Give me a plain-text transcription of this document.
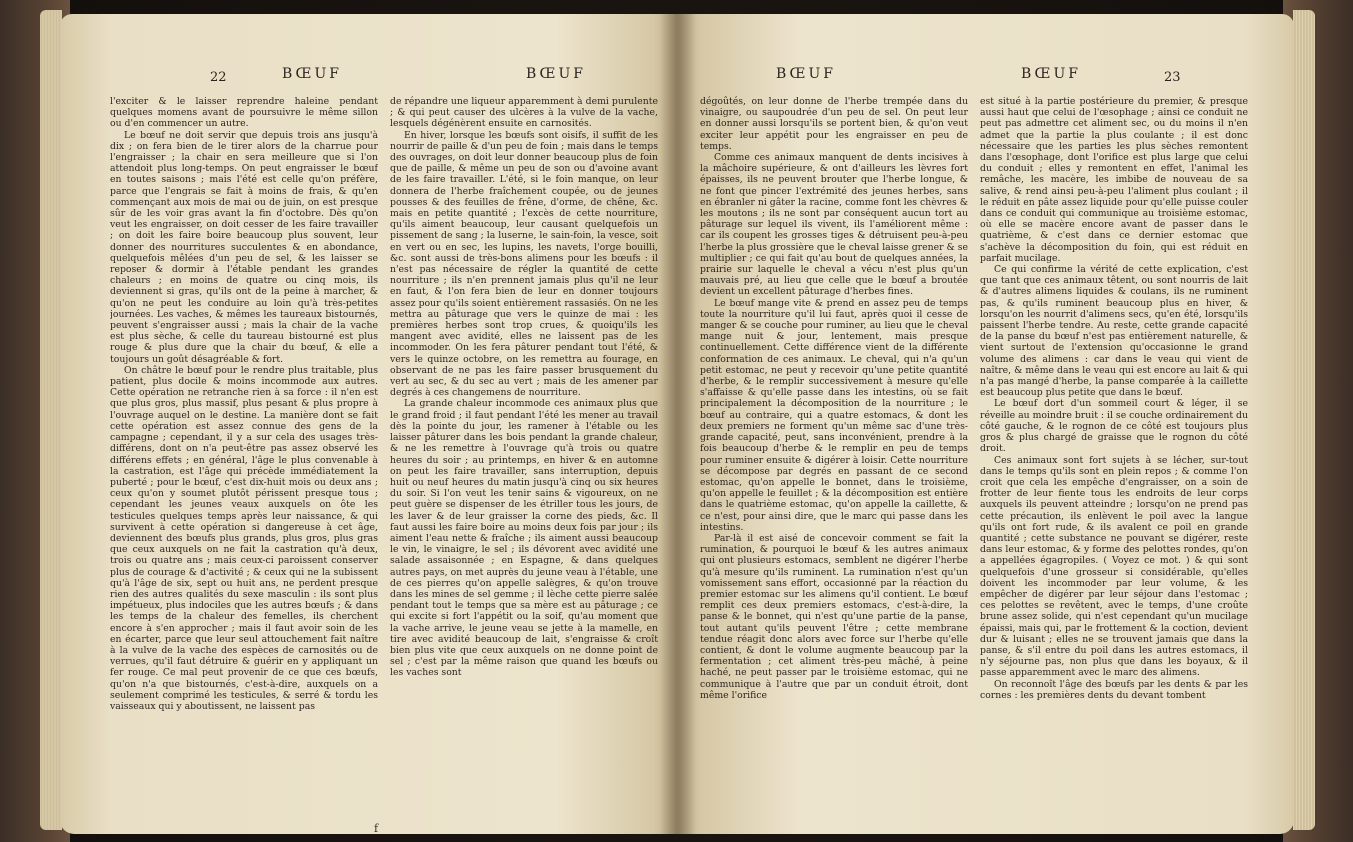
22	BŒUF	BŒUF

l'exciter & le laisser reprendre haleine pendant quelques momens avant de poursuivre le même sillon ou d'en commencer un autre.

Le bœuf ne doit servir que depuis trois ans jusqu'à dix ; on fera bien de le tirer alors de la charrue pour l'engraisser ; la chair en sera meilleure que si l'on attendoit plus long-temps. On peut engraisser le bœuf en toutes saisons ; mais l'été est celle qu'on préfère, parce que l'engrais se fait à moins de frais, & qu'en commençant aux mois de mai ou de juin, on est presque sûr de les voir gras avant la fin d'octobre. Dès qu'on veut les engraisser, on doit cesser de les faire travailler ; on doit les faire boire beaucoup plus souvent, leur donner des nourritures succulentes & en abondance, quelquefois mêlées d'un peu de sel, & les laisser se reposer & dormir à l'étable pendant les grandes chaleurs ; en moins de quatre ou cinq mois, ils deviennent si gras, qu'ils ont de la peine à marcher, & qu'on ne peut les conduire au loin qu'à très-petites journées. Les vaches, & mêmes les taureaux bistournés, peuvent s'engraisser aussi ; mais la chair de la vache est plus sèche, & celle du taureau bistourné est plus rouge & plus dure que la chair du bœuf, & elle a toujours un goût désagréable & fort.

On châtre le bœuf pour le rendre plus traitable, plus patient, plus docile & moins incommode aux autres. Cette opération ne retranche rien à sa force : il n'en est que plus gros, plus massif, plus pesant & plus propre à l'ouvrage auquel on le destine. La manière dont se fait cette opération est assez connue des gens de la campagne ; cependant, il y a sur cela des usages très-différens, dont on n'a peut-être pas assez observé les différens effets ; en général, l'âge le plus convenable à la castration, est l'âge qui précède immédiatement la puberté ; pour le bœuf, c'est dix-huit mois ou deux ans ; ceux qu'on y soumet plutôt périssent presque tous ; cependant les jeunes veaux auxquels on ôte les testicules quelques temps après leur naissance, & qui survivent à cette opération si dangereuse à cet âge, deviennent des bœufs plus grands, plus gros, plus gras que ceux auxquels on ne fait la castration qu'à deux, trois ou quatre ans ; mais ceux-ci paroissent conserver plus de courage & d'activité ; & ceux qui ne la subissent qu'à l'âge de six, sept ou huit ans, ne perdent presque rien des autres qualités du sexe masculin : ils sont plus impétueux, plus indociles que les autres bœufs ; & dans les temps de la chaleur des femelles, ils cherchent encore à s'en approcher ; mais il faut avoir soin de les en écarter, parce que leur seul attouchement fait naître à la vulve de la vache des espèces de carnosités ou de verrues, qu'il faut détruire & guérir en y appliquant un fer rouge. Ce mal peut provenir de ce que ces bœufs, qu'on n'a que bistournés, c'est-à-dire, auxquels on a seulement comprimé les testicules, & serré & tordu les vaisseaux qui y aboutissent, ne laissent pas

de répandre une liqueur apparemment à demi purulente ; & qui peut causer des ulcères à la vulve de la vache, lesquels dégénèrent ensuite en carnosités.

En hiver, lorsque les bœufs sont oisifs, il suffit de les nourrir de paille & d'un peu de foin ; mais dans le temps des ouvrages, on doit leur donner beaucoup plus de foin que de paille, & même un peu de son ou d'avoine avant de les faire travailler. L'été, si le foin manque, on leur donnera de l'herbe fraîchement coupée, ou de jeunes pousses & des feuilles de frêne, d'orme, de chêne, &c. mais en petite quantité ; l'excès de cette nourriture, qu'ils aiment beaucoup, leur causant quelquefois un pissement de sang ; la luserne, le sain-foin, la vesce, soit en vert ou en sec, les lupins, les navets, l'orge bouilli, &c. sont aussi de très-bons alimens pour les bœufs : il n'est pas nécessaire de régler la quantité de cette nourriture ; ils n'en prennent jamais plus qu'il ne leur en faut, & l'on fera bien de leur en donner toujours assez pour qu'ils soient entièrement rassasiés. On ne les mettra au pâturage que vers le quinze de mai : les premières herbes sont trop crues, & quoiqu'ils les mangent avec avidité, elles ne laissent pas de les incommoder. On les fera pâturer pendant tout l'été, & vers le quinze octobre, on les remettra au fourage, en observant de ne pas les faire passer brusquement du vert au sec, & du sec au vert ; mais de les amener par degrés à ces changemens de nourriture.

La grande chaleur incommode ces animaux plus que le grand froid ; il faut pendant l'été les mener au travail dès la pointe du jour, les ramener à l'étable ou les laisser pâturer dans les bois pendant la grande chaleur, & ne les remettre à l'ouvrage qu'à trois ou quatre heures du soir ; au printemps, en hiver & en automne on peut les faire travailler, sans interruption, depuis huit ou neuf heures du matin jusqu'à cinq ou six heures du soir. Si l'on veut les tenir sains & vigoureux, on ne peut guère se dispenser de les étriller tous les jours, de les laver & de leur graisser la corne des pieds, &c. Il faut aussi les faire boire au moins deux fois par jour ; ils aiment l'eau nette & fraîche ; ils aiment aussi beaucoup le vin, le vinaigre, le sel ; ils dévorent avec avidité une salade assaisonnée ; en Espagne, & dans quelques autres pays, on met auprès du jeune veau à l'étable, une de ces pierres qu'on appelle salègres, & qu'on trouve dans les mines de sel gemme ; il lèche cette pierre salée pendant tout le temps que sa mère est au pâturage ; ce qui excite si fort l'appétit ou la soif, qu'au moment que la vache arrive, le jeune veau se jette à la mamelle, en tire avec avidité beaucoup de lait, s'engraisse & croît bien plus vite que ceux auxquels on ne donne point de sel ; c'est par la même raison que quand les bœufs ou les vaches sont

f
BŒUF	BŒUF	23

dégoûtés, on leur donne de l'herbe trempée dans du vinaigre, ou saupoudrée d'un peu de sel. On peut leur en donner aussi lorsqu'ils se portent bien, & qu'on veut exciter leur appétit pour les engraisser en peu de temps.

Comme ces animaux manquent de dents incisives à la mâchoire supérieure, & ont d'ailleurs les lèvres fort épaisses, ils ne peuvent brouter que l'herbe longue, & ne font que pincer l'extrémité des jeunes herbes, sans en ébranler ni gâter la racine, comme font les chèvres & les moutons ; ils ne sont par conséquent aucun tort au pâturage sur lequel ils vivent, ils l'améliorent même : car ils coupent les grosses tiges & détruisent peu-à-peu l'herbe la plus grossière que le cheval laisse grener & se multiplier ; ce qui fait qu'au bout de quelques années, la prairie sur laquelle le cheval a vécu n'est plus qu'un mauvais pré, au lieu que celle que le bœuf a broutée devient un excellent pâturage d'herbes fines.

Le bœuf mange vite & prend en assez peu de temps toute la nourriture qu'il lui faut, après quoi il cesse de manger & se couche pour ruminer, au lieu que le cheval mange nuit & jour, lentement, mais presque continuellement. Cette différence vient de la différente conformation de ces animaux. Le cheval, qui n'a qu'un petit estomac, ne peut y recevoir qu'une petite quantité d'herbe, & le remplir successivement à mesure qu'elle s'affaisse & qu'elle passe dans les intestins, où se fait principalement la décomposition de la nourriture ; le bœuf au contraire, qui a quatre estomacs, & dont les deux premiers ne forment qu'un même sac d'une très-grande capacité, peut, sans inconvénient, prendre à la fois beaucoup d'herbe & le remplir en peu de temps pour ruminer ensuite & digérer à loisir. Cette nourriture se décompose par degrés en passant de ce second estomac, qu'on appelle le bonnet, dans le troisième, qu'on appelle le feuillet ; & la décomposition est entière dans le quatrième estomac, qu'on appelle la caillette, & ce n'est, pour ainsi dire, que le marc qui passe dans les intestins.

Par-là il est aisé de concevoir comment se fait la rumination, & pourquoi le bœuf & les autres animaux qui ont plusieurs estomacs, semblent ne digérer l'herbe qu'à mesure qu'ils ruminent. La rumination n'est qu'un vomissement sans effort, occasionné par la réaction du premier estomac sur les alimens qu'il contient. Le bœuf remplit ces deux premiers estomacs, c'est-à-dire, la panse & le bonnet, qui n'est qu'une partie de la panse, tout autant qu'ils peuvent l'être ; cette membrane tendue réagit donc alors avec force sur l'herbe qu'elle contient, & dont le volume augmente beaucoup par la fermentation ; cet aliment très-peu mâché, à peine haché, ne peut passer par le troisième estomac, qui ne communique à l'autre que par un conduit étroit, dont même l'orifice

est situé à la partie postérieure du premier, & presque aussi haut que celui de l'œsophage ; ainsi ce conduit ne peut pas admettre cet aliment sec, ou du moins il n'en admet que la partie la plus coulante ; il est donc nécessaire que les parties les plus sèches remontent dans l'œsophage, dont l'orifice est plus large que celui du conduit ; elles y remontent en effet, l'animal les remâche, les macère, les imbibe de nouveau de sa salive, & rend ainsi peu-à-peu l'aliment plus coulant ; il le réduit en pâte assez liquide pour qu'elle puisse couler dans ce conduit qui communique au troisième estomac, où elle se macère encore avant de passer dans le quatrième, & c'est dans ce dernier estomac que s'achève la décomposition du foin, qui est réduit en parfait mucilage.

Ce qui confirme la vérité de cette explication, c'est que tant que ces animaux têtent, ou sont nourris de lait & d'autres alimens liquides & coulans, ils ne ruminent pas, & qu'ils ruminent beaucoup plus en hiver, & lorsqu'on les nourrit d'alimens secs, qu'en été, lorsqu'ils paissent l'herbe tendre. Au reste, cette grande capacité de la panse du bœuf n'est pas entièrement naturelle, & vient surtout de l'extension qu'occasionne le grand volume des alimens : car dans le veau qui vient de naître, & même dans le veau qui est encore au lait & qui n'a pas mangé d'herbe, la panse comparée à la caillette est beaucoup plus petite que dans le bœuf.

Le bœuf dort d'un sommeil court & léger, il se réveille au moindre bruit : il se couche ordinairement du côté gauche, & le rognon de ce côté est toujours plus gros & plus chargé de graisse que le rognon du côté droit.

Ces animaux sont fort sujets à se lécher, sur-tout dans le temps qu'ils sont en plein repos ; & comme l'on croit que cela les empêche d'engraisser, on a soin de frotter de leur fiente tous les endroits de leur corps auxquels ils peuvent atteindre ; lorsqu'on ne prend pas cette précaution, ils enlèvent le poil avec la langue qu'ils ont fort rude, & ils avalent ce poil en grande quantité ; cette substance ne pouvant se digérer, reste dans leur estomac, & y forme des pelottes rondes, qu'on a appellées égagropiles. ( Voyez ce mot. ) & qui sont quelquefois d'une grosseur si considérable, qu'elles doivent les incommoder par leur volume, & les empêcher de digérer par leur séjour dans l'estomac ; ces pelottes se revêtent, avec le temps, d'une croûte brune assez solide, qui n'est cependant qu'un mucilage épaissi, mais qui, par le frottement & la coction, devient dur & luisant ; elles ne se trouvent jamais que dans la panse, & s'il entre du poil dans les autres estomacs, il n'y séjourne pas, non plus que dans les boyaux, & il passe apparemment avec le marc des alimens.

On reconnoît l'âge des bœufs par les dents & par les cornes : les premières dents du devant tombent
